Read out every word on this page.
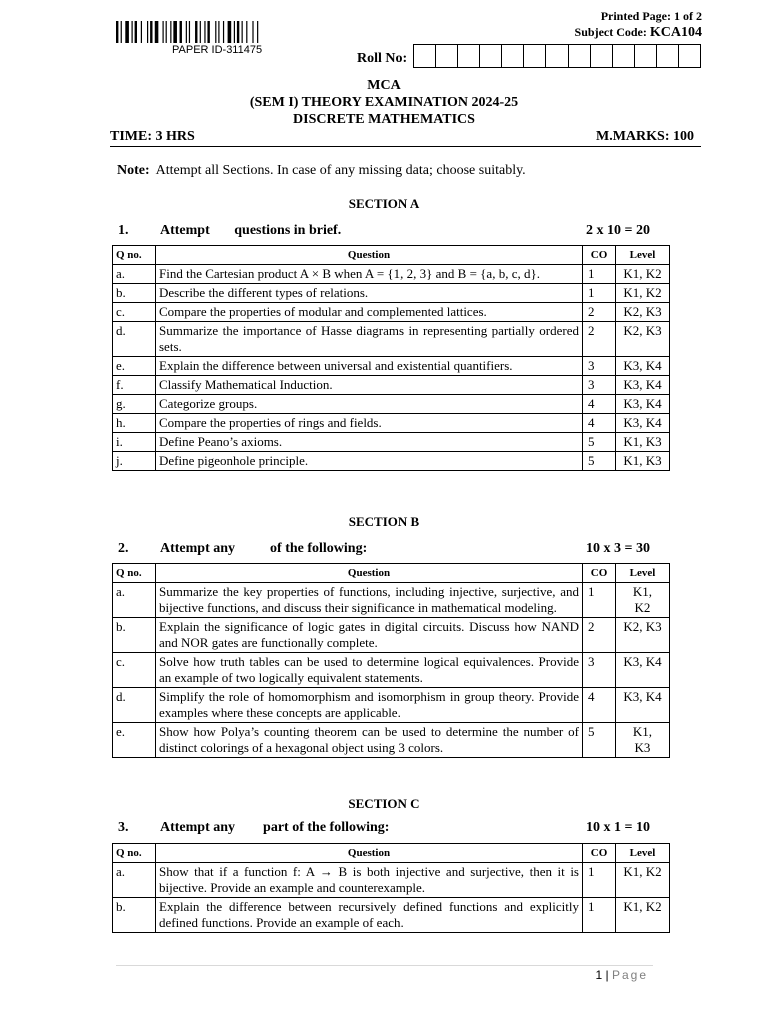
PAPER ID-311475
Printed Page: 1 of 2
Subject Code: KCA104
Roll No:
MCA
(SEM I) THEORY EXAMINATION 2024-25
DISCRETE MATHEMATICS
TIME: 3 HRS	M.MARKS: 100
Note: Attempt all Sections. In case of any missing data; choose suitably.
SECTION A
1. Attempt       questions in brief.	2 x 10 = 20
Q no.	Question	CO	Level
a.	Find the Cartesian product A × B when A = {1, 2, 3} and B = {a, b, c, d}.	1	K1, K2
b.	Describe the different types of relations.	1	K1, K2
c.	Compare the properties of modular and complemented lattices.	2	K2, K3
d.	Summarize the importance of Hasse diagrams in representing partially ordered sets.	2	K2, K3
e.	Explain the difference between universal and existential quantifiers.	3	K3, K4
f.	Classify Mathematical Induction.	3	K3, K4
g.	Categorize groups.	4	K3, K4
h.	Compare the properties of rings and fields.	4	K3, K4
i.	Define Peano’s axioms.	5	K1, K3
j.	Define pigeonhole principle.	5	K1, K3
SECTION B
2. Attempt any          of the following:	10 x 3 = 30
Q no.	Question	CO	Level
a.	Summarize the key properties of functions, including injective, surjective, and bijective functions, and discuss their significance in mathematical modeling.	1	K1, K2
b.	Explain the significance of logic gates in digital circuits. Discuss how NAND and NOR gates are functionally complete.	2	K2, K3
c.	Solve how truth tables can be used to determine logical equivalences. Provide an example of two logically equivalent statements.	3	K3, K4
d.	Simplify the role of homomorphism and isomorphism in group theory. Provide examples where these concepts are applicable.	4	K3, K4
e.	Show how Polya’s counting theorem can be used to determine the number of distinct colorings of a hexagonal object using 3 colors.	5	K1, K3
SECTION C
3. Attempt any        part of the following:	10 x 1 = 10
Q no.	Question	CO	Level
a.	Show that if a function f: A → B is both injective and surjective, then it is bijective. Provide an example and counterexample.	1	K1, K2
b.	Explain the difference between recursively defined functions and explicitly defined functions. Provide an example of each.	1	K1, K2
1 | Page
